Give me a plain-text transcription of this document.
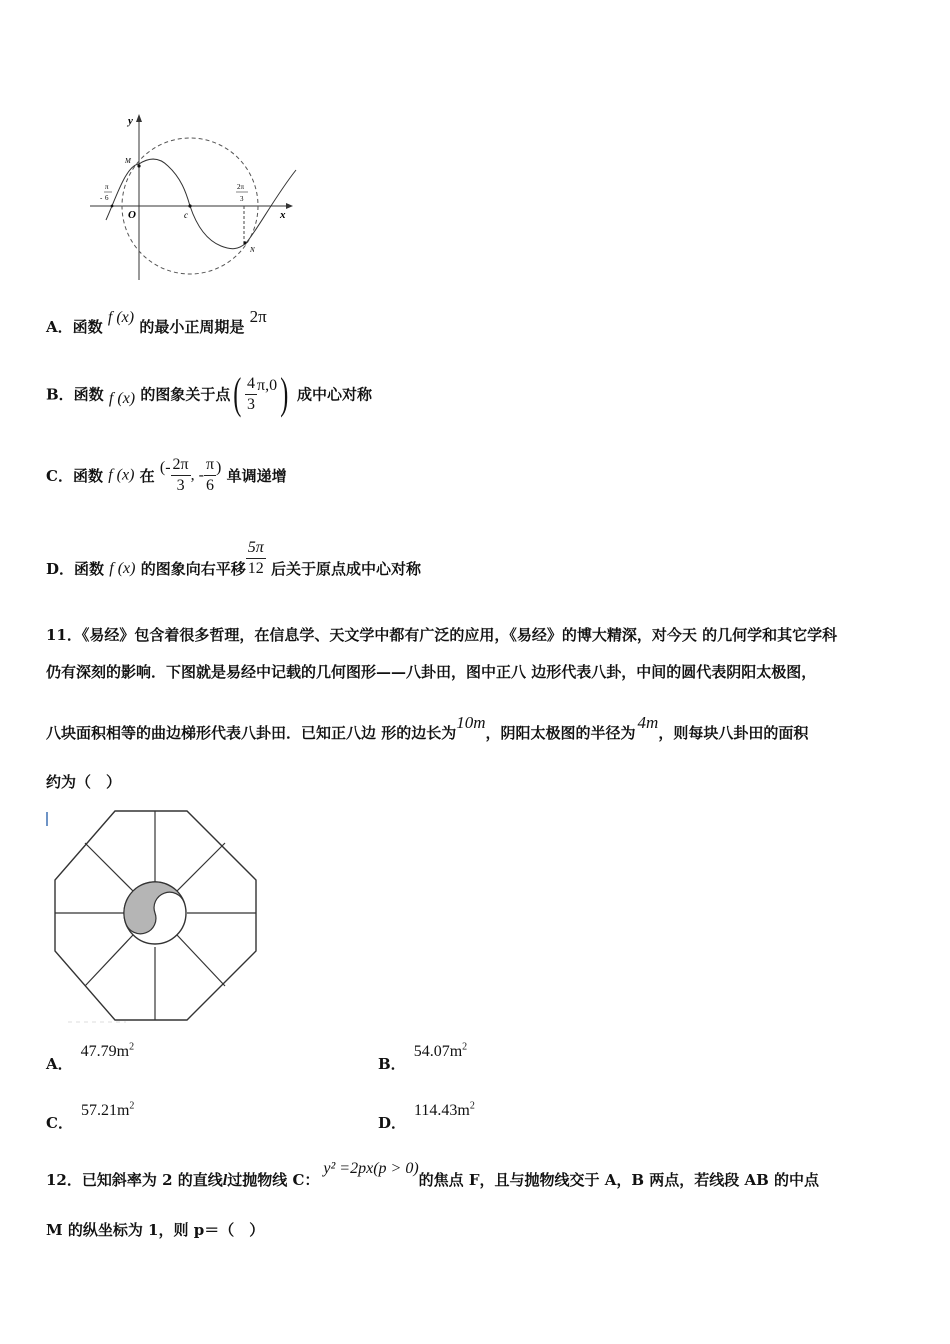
y
x
O
M
N
c
-
π
6
2π
3
A．函数 f (x) 的最小正周期是 2π
B．函数 f (x) 的图象关于点( $\frac{4}{3} \pi,0$) 成中心对称
C．函数 f (x) 在 (- $\frac{2\pi}{3}$ , - $\frac{\pi}{6}$ ) 单调递增
D．函数 f (x) 的图象向右平移 $\frac{5\pi}{12}$ 后关于原点成中心对称
11．《易经》包含着很多哲理，在信息学、天文学中都有广泛的应用，《易经》的博大精深，对今天 的几何学和其它学科
仍有深刻的影响．下图就是易经中记载的几何图形——八卦田，图中正八 边形代表八卦，中间的圆代表阴阳太极图，
八块面积相等的曲边梯形代表八卦田．已知正八边 形的边长为10m，阴阳太极图的半径为4m，则每块八卦田的面积
约为（　）
A．$47.79m^2$
B．$54.07m^2$
C．$57.21m^2$
D．$114.43m^2$
12．已知斜率为 2 的直线l过抛物线 C：y² =2px(p > 0)的焦点 F，且与抛物线交于 A，B 两点，若线段 AB 的中点
M 的纵坐标为 1，则 p＝（　）
